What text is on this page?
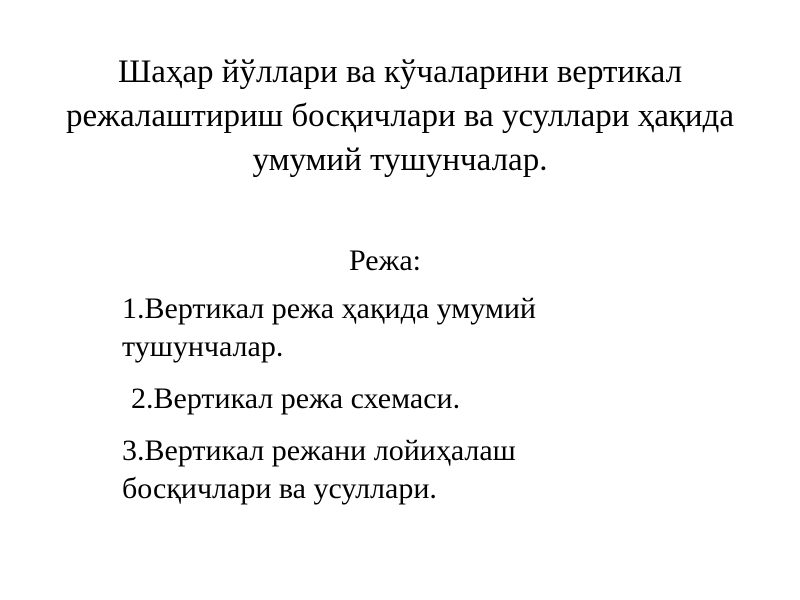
Шаҳар йўллари ва кўчаларини вертикал
режалаштириш босқичлари ва усуллари ҳақида
умумий тушунчалар.
Режа:
1.Вертикал режа ҳақида умумий
тушунчалар.
2.Вертикал режа схемаси.
3.Вертикал режани лойиҳалаш
босқичлари ва усуллари.
